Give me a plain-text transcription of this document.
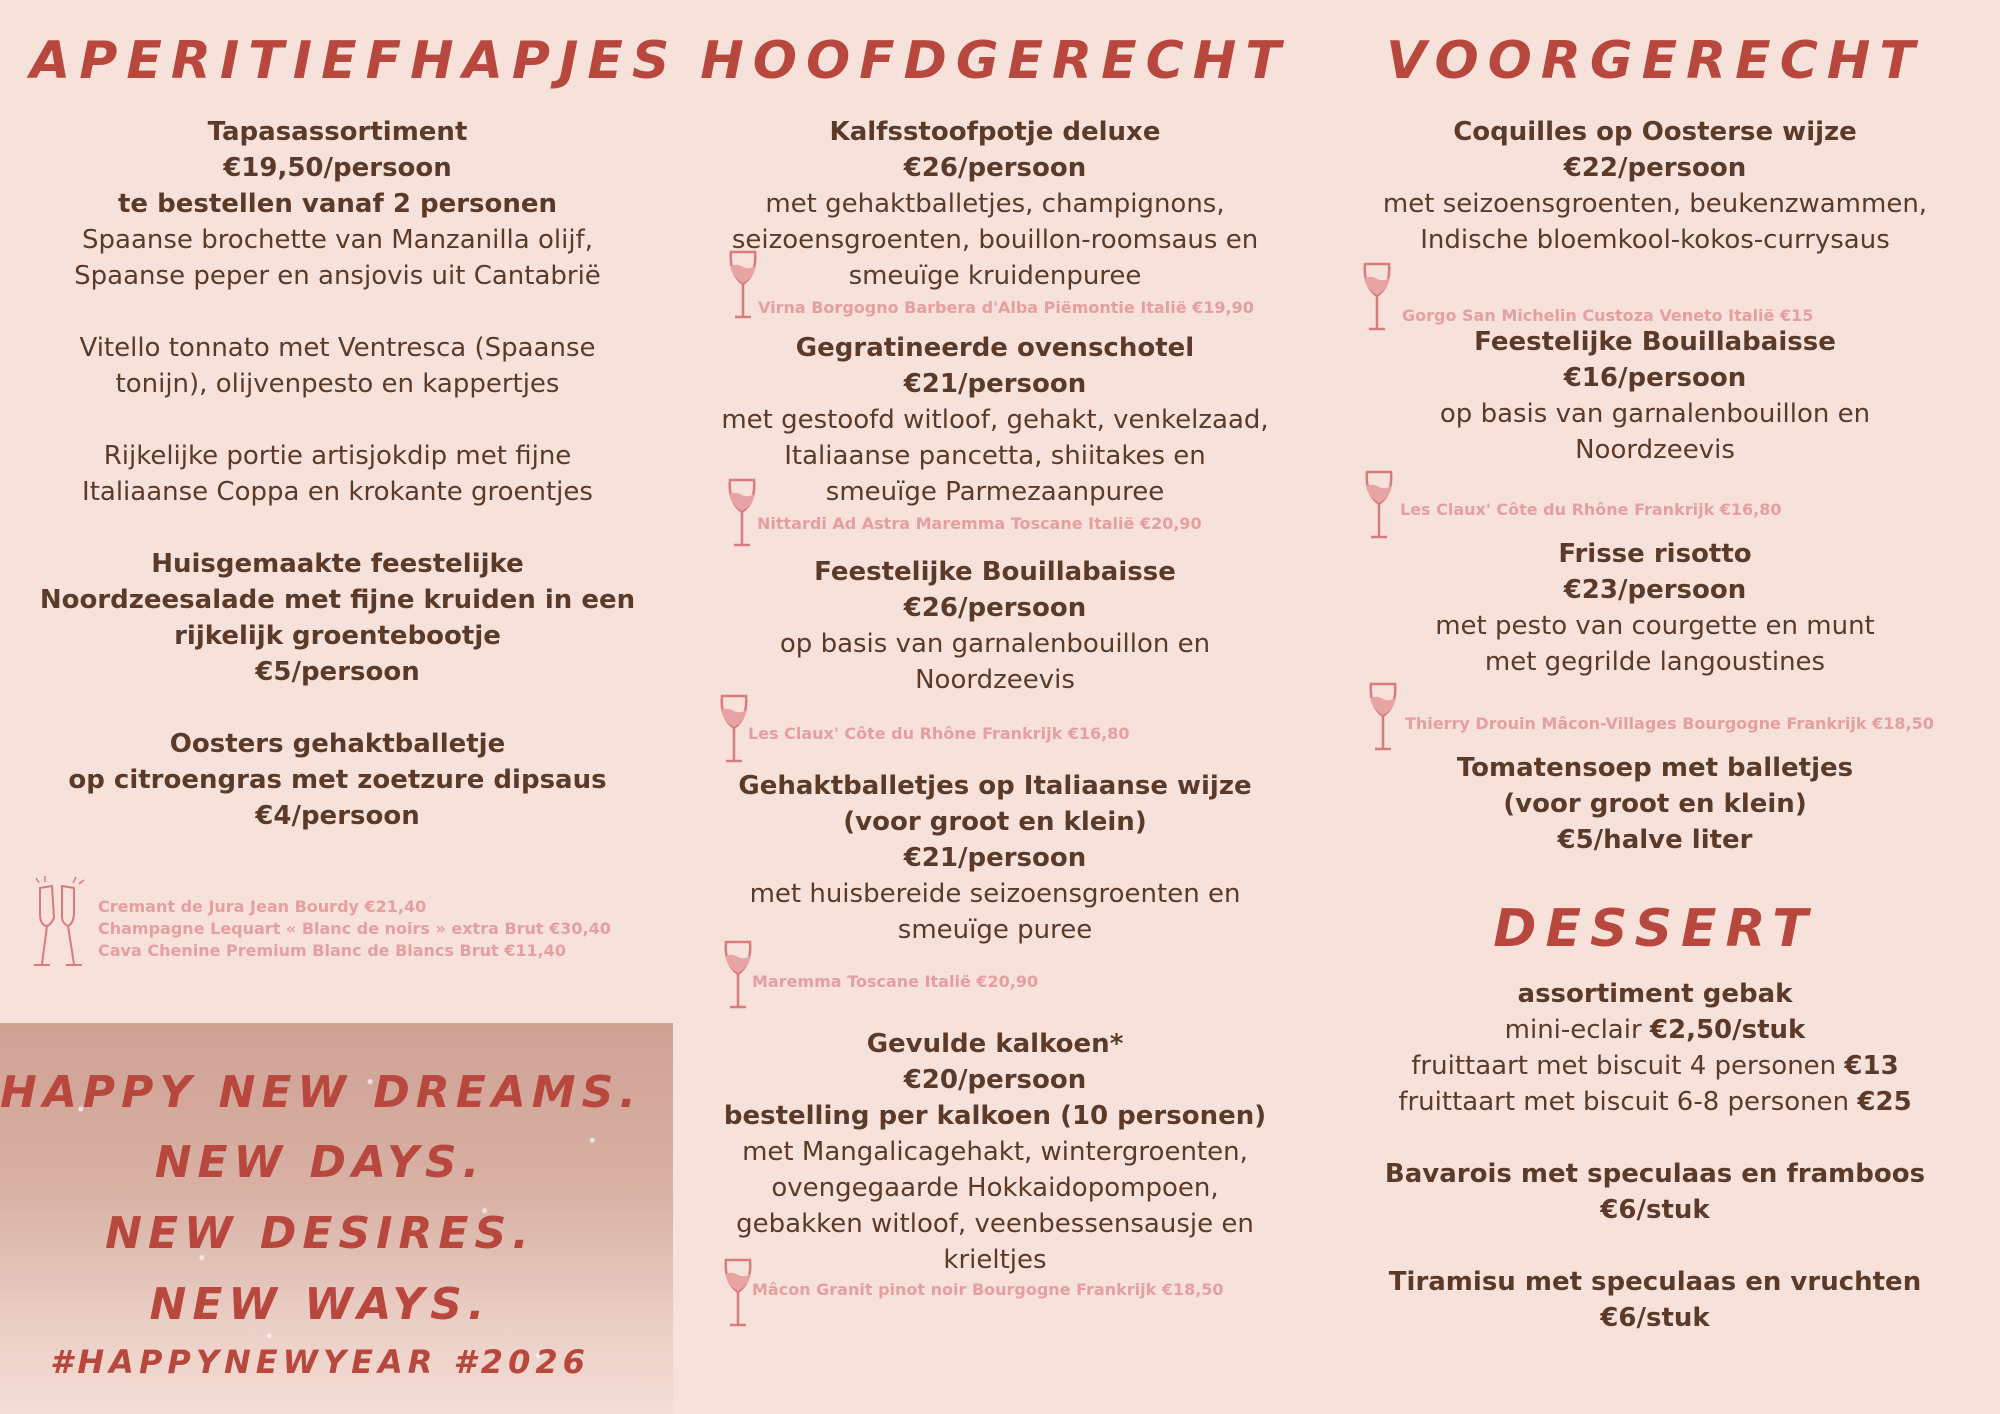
APERITIEFHAPJES
Tapasassortiment
€19,50/persoon
te bestellen vanaf 2 personen
Spaanse brochette van Manzanilla olijf,
Spaanse peper en ansjovis uit Cantabrië
Vitello tonnato met Ventresca (Spaanse
tonijn), olijvenpesto en kappertjes
Rijkelijke portie artisjokdip met fijne
Italiaanse Coppa en krokante groentjes
Huisgemaakte feestelijke
Noordzeesalade met fijne kruiden in een
rijkelijk groentebootje
€5/persoon
Oosters gehaktballetje
op citroengras met zoetzure dipsaus
€4/persoon
Cremant de Jura Jean Bourdy €21,40
Champagne Lequart « Blanc de noirs » extra Brut €30,40
Cava Chenine Premium Blanc de Blancs Brut €11,40
HAPPY NEW DREAMS.
NEW DAYS.
NEW DESIRES.
NEW WAYS.
#HAPPYNEWYEAR #2026
HOOFDGERECHT
Kalfsstoofpotje deluxe
€26/persoon
met gehaktballetjes, champignons,
seizoensgroenten, bouillon-roomsaus en
smeuïge kruidenpuree
Virna Borgogno Barbera d'Alba Piëmontie Italië €19,90
Gegratineerde ovenschotel
€21/persoon
met gestoofd witloof, gehakt, venkelzaad,
Italiaanse pancetta, shiitakes en
smeuïge Parmezaanpuree
Nittardi Ad Astra Maremma Toscane Italië €20,90
Feestelijke Bouillabaisse
€26/persoon
op basis van garnalenbouillon en
Noordzeevis
Les Claux' Côte du Rhône Frankrijk €16,80
Gehaktballetjes op Italiaanse wijze
(voor groot en klein)
€21/persoon
met huisbereide seizoensgroenten en
smeuïge puree
Maremma Toscane Italië €20,90
Gevulde kalkoen*
€20/persoon
bestelling per kalkoen (10 personen)
met Mangalicagehakt, wintergroenten,
ovengegaarde Hokkaidopompoen,
gebakken witloof, veenbessensausje en
krieltjes
Mâcon Granit pinot noir Bourgogne Frankrijk €18,50
VOORGERECHT
Coquilles op Oosterse wijze
€22/persoon
met seizoensgroenten, beukenzwammen,
Indische bloemkool-kokos-currysaus
Gorgo San Michelin Custoza Veneto Italië €15
Feestelijke Bouillabaisse
€16/persoon
op basis van garnalenbouillon en
Noordzeevis
Les Claux' Côte du Rhône Frankrijk €16,80
Frisse risotto
€23/persoon
met pesto van courgette en munt
met gegrilde langoustines
Thierry Drouin Mâcon-Villages Bourgogne Frankrijk €18,50
Tomatensoep met balletjes
(voor groot en klein)
€5/halve liter
DESSERT
assortiment gebak
mini-eclair €2,50/stuk
fruittaart met biscuit 4 personen €13
fruittaart met biscuit 6-8 personen €25
Bavarois met speculaas en framboos
€6/stuk
Tiramisu met speculaas en vruchten
€6/stuk
